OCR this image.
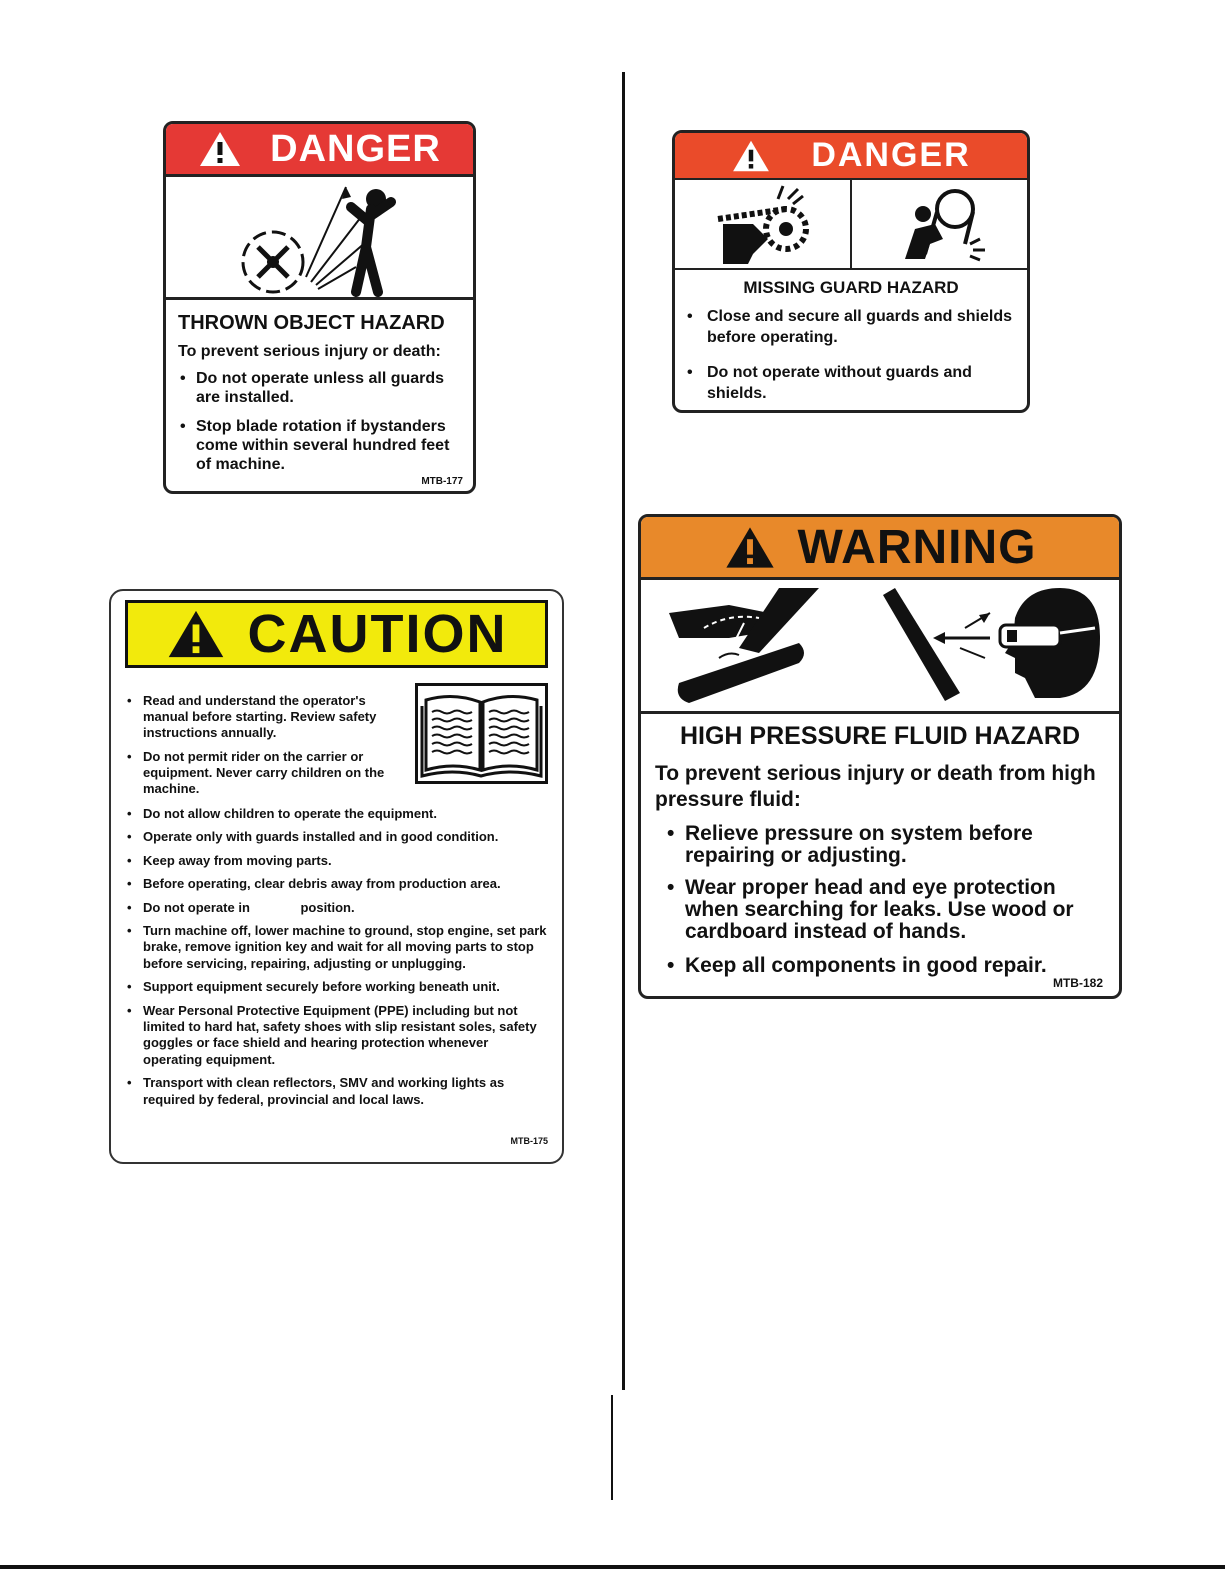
DANGER
THROWN OBJECT HAZARD
To prevent serious injury or death:
• Do not operate unless all guards are installed.
• Stop blade rotation if bystanders come within several hundred feet of machine.
MTB-177
DANGER
MISSING GUARD HAZARD
• Close and secure all guards and shields before operating.
• Do not operate without guards and shields.
CAUTION
• Read and understand the operator's manual before starting. Review safety instructions annually.
• Do not permit rider on the carrier or equipment. Never carry children on the machine.
• Do not allow children to operate the equipment.
• Operate only with guards installed and in good condition.
• Keep away from moving parts.
• Before operating, clear debris away from production area.
• Do not operate in              position.
• Turn machine off, lower machine to ground, stop engine, set park brake, remove ignition key and wait for all moving parts to stop before servicing, repairing, adjusting or unplugging.
• Support equipment securely before working beneath unit.
• Wear Personal Protective Equipment (PPE) including but not limited to hard hat, safety shoes with slip resistant soles, safety goggles or face shield and hearing protection whenever operating equipment.
• Transport with clean reflectors, SMV and working lights as required by federal, provincial and local laws.
MTB-175
WARNING
HIGH PRESSURE FLUID HAZARD
To prevent serious injury or death from high pressure fluid:
• Relieve pressure on system before repairing or adjusting.
• Wear proper head and eye protection when searching for leaks. Use wood or cardboard instead of hands.
• Keep all components in good repair.
MTB-182
